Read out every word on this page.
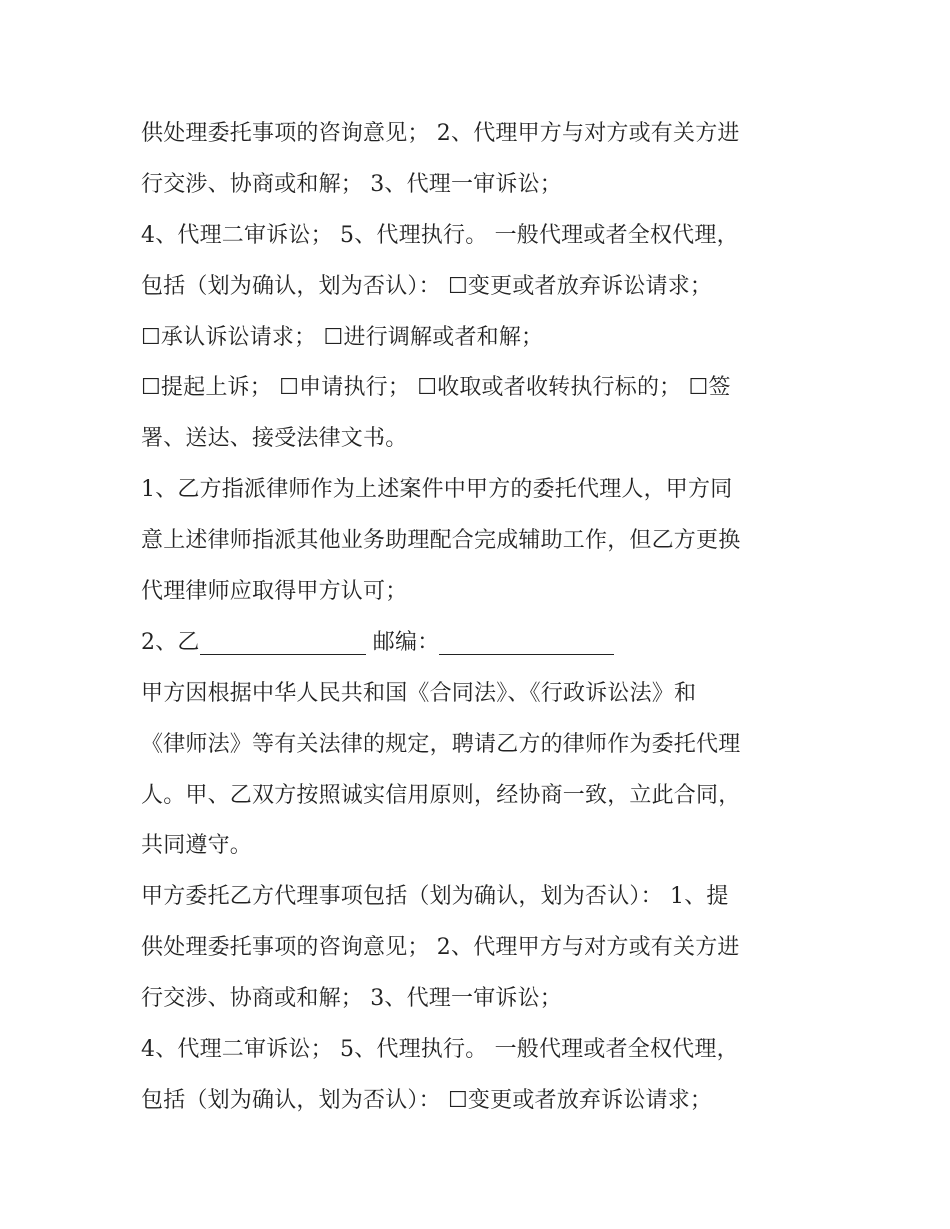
供处理委托事项的咨询意见； 2、代理甲方与对方或有关方进
行交涉、协商或和解； 3、代理一审诉讼；
4、代理二审诉讼； 5、代理执行。 一般代理或者全权代理，
包括（划为确认，划为否认）： ☐变更或者放弃诉讼请求；
☐承认诉讼请求； ☐进行调解或者和解；
☐提起上诉； ☐申请执行； ☐收取或者收转执行标的； ☐签
署、送达、接受法律文书。
1、乙方指派律师作为上述案件中甲方的委托代理人，甲方同
意上述律师指派其他业务助理配合完成辅助工作，但乙方更换
代理律师应取得甲方认可；
2、乙	邮编：
甲方因根据中华人民共和国《合同法》、《行政诉讼法》和
《律师法》等有关法律的规定，聘请乙方的律师作为委托代理
人。甲、乙双方按照诚实信用原则，经协商一致，立此合同，
共同遵守。
甲方委托乙方代理事项包括（划为确认，划为否认）： 1、提
供处理委托事项的咨询意见； 2、代理甲方与对方或有关方进
行交涉、协商或和解； 3、代理一审诉讼；
4、代理二审诉讼； 5、代理执行。 一般代理或者全权代理，
包括（划为确认，划为否认）： ☐变更或者放弃诉讼请求；
